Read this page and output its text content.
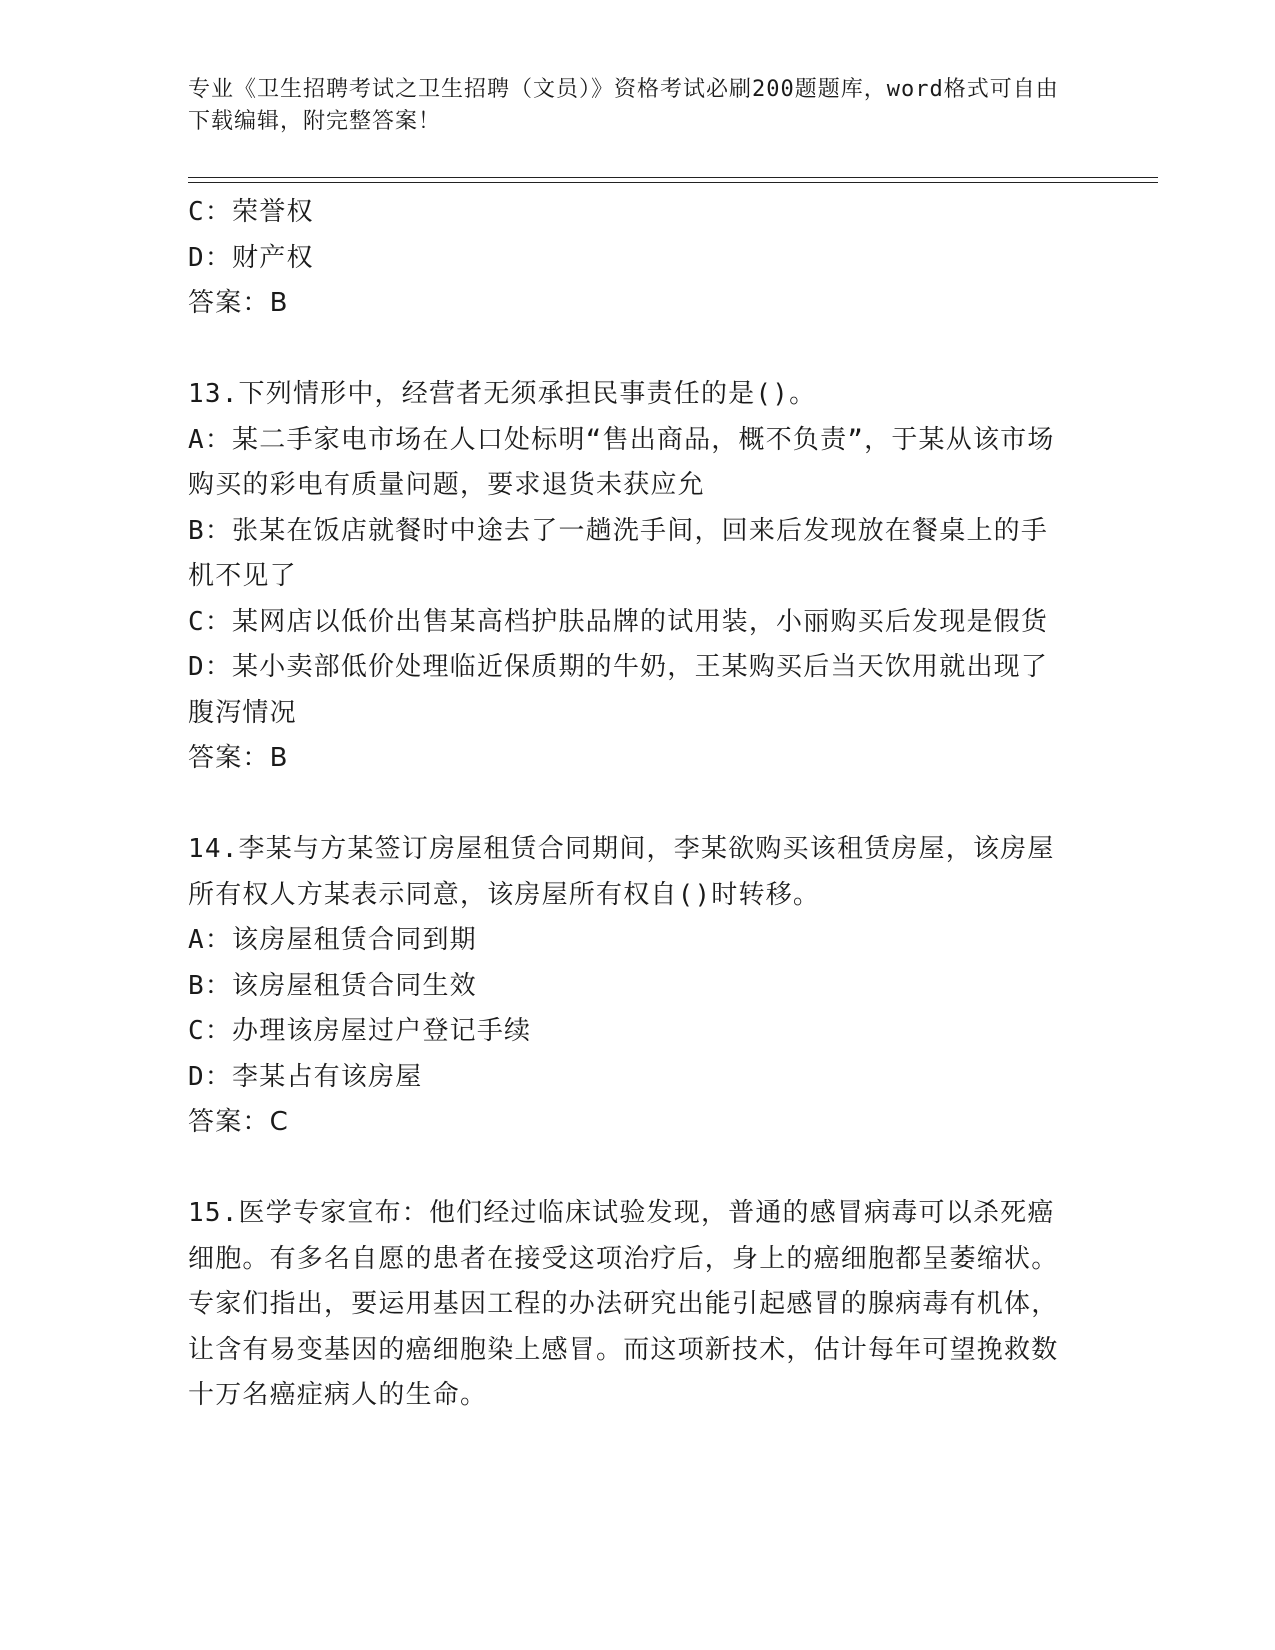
专业《卫生招聘考试之卫生招聘（文员）》资格考试必刷200题题库，word格式可自由下载编辑，附完整答案！

C：荣誉权

D：财产权

答案：B

13.下列情形中，经营者无须承担民事责任的是()。

A：某二手家电市场在人口处标明“售出商品，概不负责”，于某从该市场购买的彩电有质量问题，要求退货未获应允

B：张某在饭店就餐时中途去了一趟洗手间，回来后发现放在餐桌上的手机不见了

C：某网店以低价出售某高档护肤品牌的试用装，小丽购买后发现是假货

D：某小卖部低价处理临近保质期的牛奶，王某购买后当天饮用就出现了腹泻情况

答案：B

14.李某与方某签订房屋租赁合同期间，李某欲购买该租赁房屋，该房屋所有权人方某表示同意，该房屋所有权自()时转移。

A：该房屋租赁合同到期

B：该房屋租赁合同生效

C：办理该房屋过户登记手续

D：李某占有该房屋

答案：C

15.医学专家宣布：他们经过临床试验发现，普通的感冒病毒可以杀死癌细胞。有多名自愿的患者在接受这项治疗后，身上的癌细胞都呈萎缩状。专家们指出，要运用基因工程的办法研究出能引起感冒的腺病毒有机体，让含有易变基因的癌细胞染上感冒。而这项新技术，估计每年可望挽救数十万名癌症病人的生命。
